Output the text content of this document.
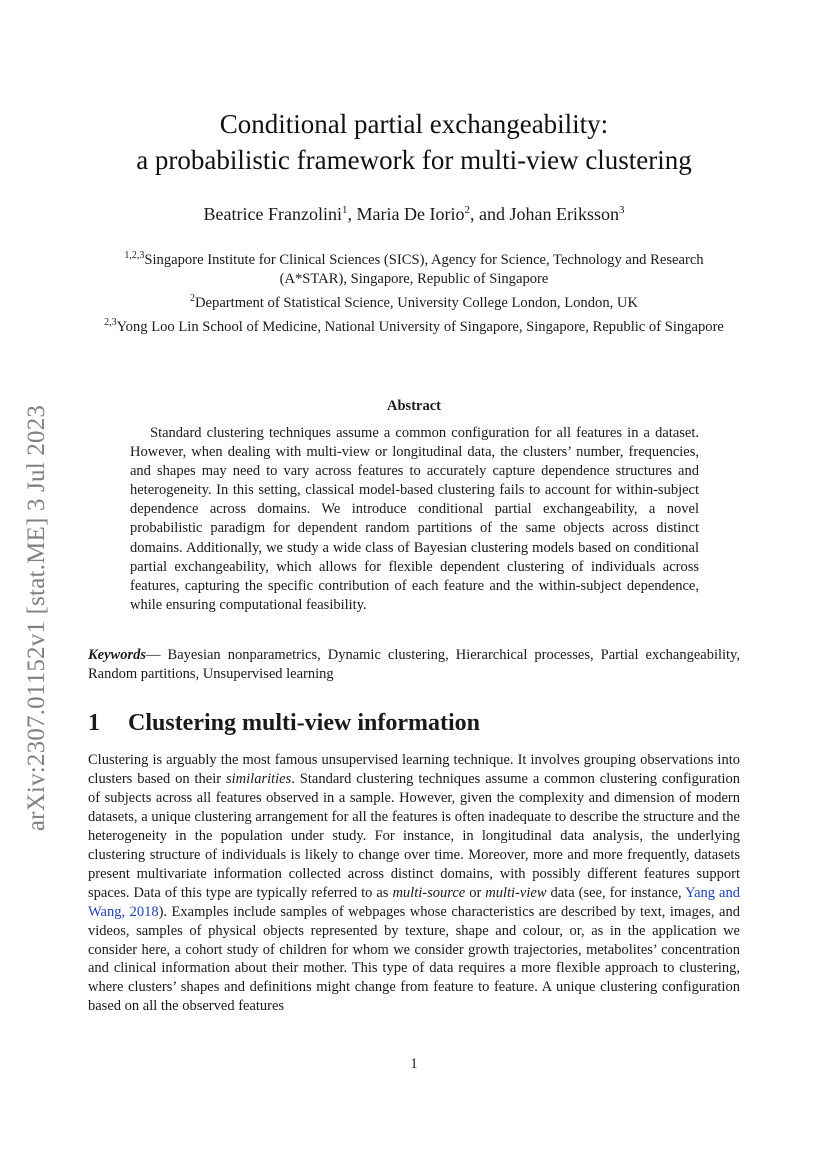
arXiv:2307.01152v1 [stat.ME] 3 Jul 2023
Conditional partial exchangeability:
a probabilistic framework for multi-view clustering
Beatrice Franzolini$^1$, Maria De Iorio$^2$, and Johan Eriksson$^3$

$^{1,2,3}$Singapore Institute for Clinical Sciences (SICS), Agency for Science, Technology and Research (A*STAR), Singapore, Republic of Singapore

$^2$Department of Statistical Science, University College London, London, UK

$^{2,3}$Yong Loo Lin School of Medicine, National University of Singapore, Singapore, Republic of Singapore

Abstract
Standard clustering techniques assume a common configuration for all features in a dataset. However, when dealing with multi-view or longitudinal data, the clusters’ number, frequencies, and shapes may need to vary across features to accurately capture dependence structures and heterogeneity. In this setting, classical model-based clustering fails to account for within-subject dependence across domains. We introduce conditional partial exchangeability, a novel probabilistic paradigm for dependent random partitions of the same objects across distinct domains. Additionally, we study a wide class of Bayesian clustering models based on conditional partial exchangeability, which allows for flexible dependent clustering of individuals across features, capturing the specific contribution of each feature and the within-subject dependence, while ensuring computational feasibility.
Keywords— Bayesian nonparametrics, Dynamic clustering, Hierarchical processes, Partial exchangeability, Random partitions, Unsupervised learning
1 Clustering multi-view information

Clustering is arguably the most famous unsupervised learning technique. It involves grouping observations into clusters based on their similarities. Standard clustering techniques assume a common clustering configuration of subjects across all features observed in a sample. However, given the complexity and dimension of modern datasets, a unique clustering arrangement for all the features is often inadequate to describe the structure and the heterogeneity in the population under study. For instance, in longitudinal data analysis, the underlying clustering structure of individuals is likely to change over time. Moreover, more and more frequently, datasets present multivariate information collected across distinct domains, with possibly different features support spaces. Data of this type are typically referred to as multi-source or multi-view data (see, for instance, Yang and Wang, 2018). Examples include samples of webpages whose characteristics are described by text, images, and videos, samples of physical objects represented by texture, shape and colour, or, as in the application we consider here, a cohort study of children for whom we consider growth trajectories, metabolites’ concentration and clinical information about their mother. This type of data requires a more flexible approach to clustering, where clusters’ shapes and definitions might change from feature to feature. A unique clustering configuration based on all the observed features

1
